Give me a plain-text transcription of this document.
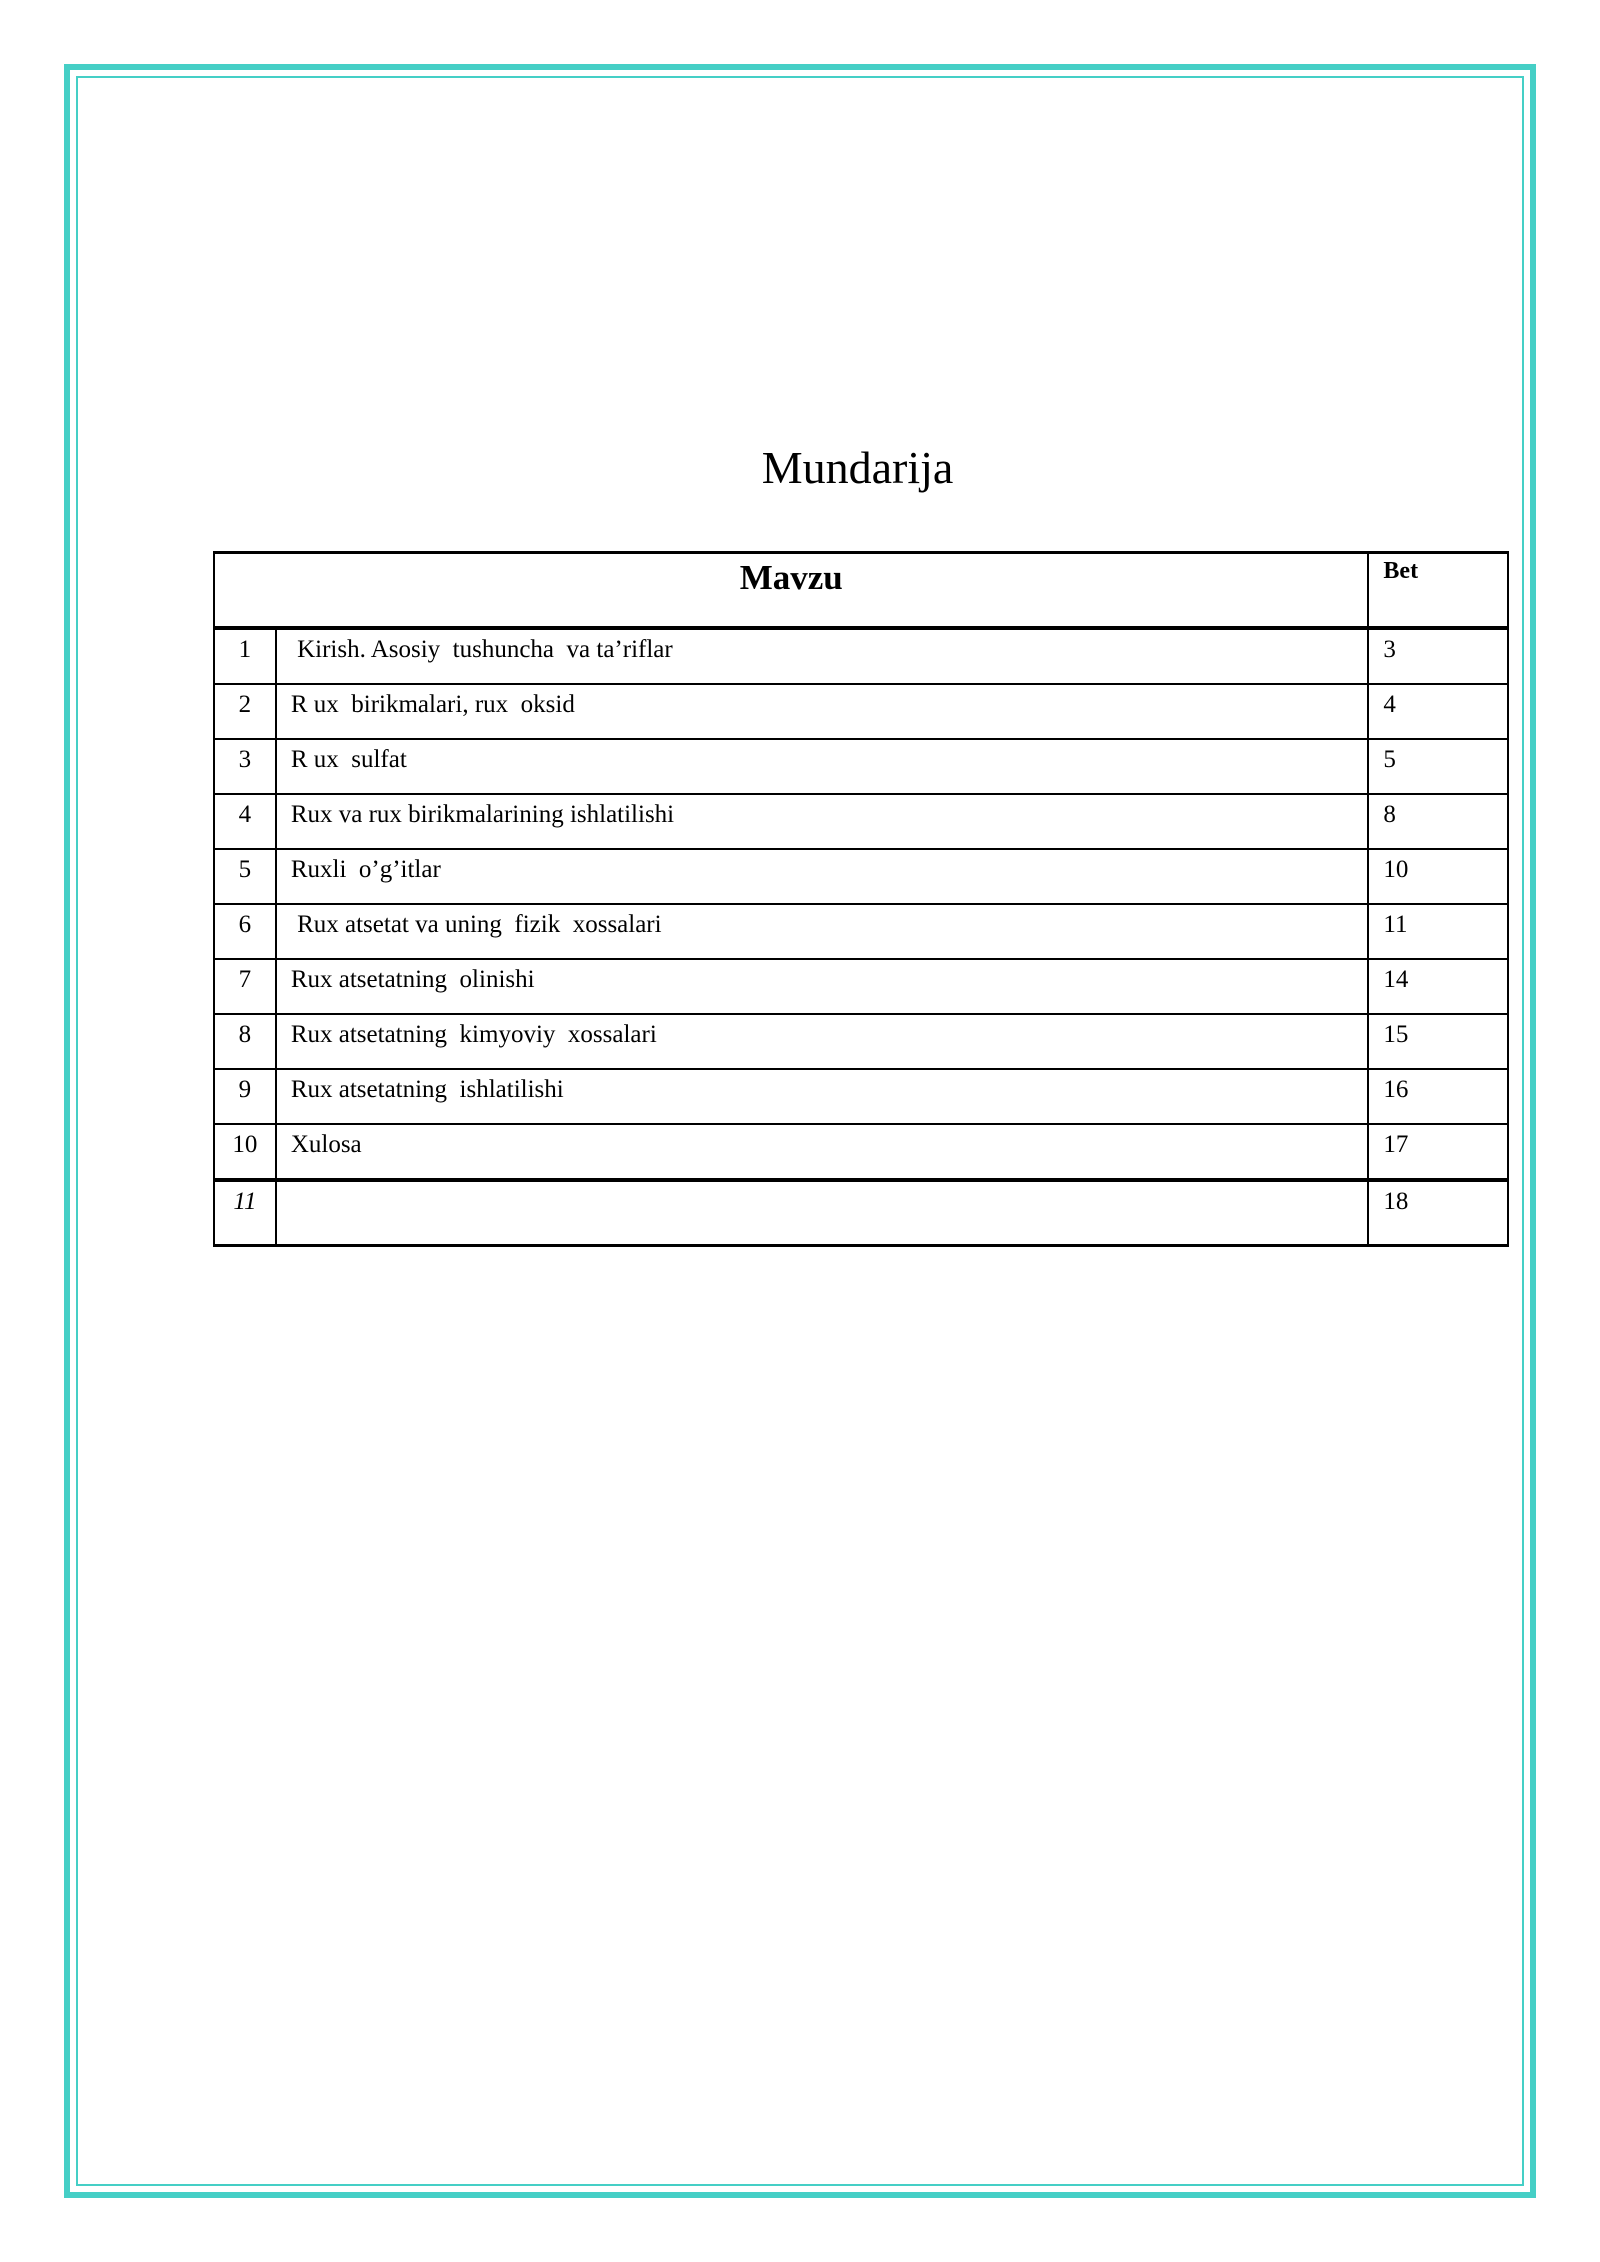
Mundarija
Mavzu		Bet
1	Kirish. Asosiy  tushuncha  va ta’riflar	3
2	R ux  birikmalari, rux  oksid	4
3	R ux  sulfat	5
4	Rux va rux birikmalarining ishlatilishi	8
5	Ruxli  o’g’itlar	10
6	Rux atsetat va uning  fizik  xossalari	11
7	Rux atsetatning  olinishi	14
8	Rux atsetatning  kimyoviy  xossalari	15
9	Rux atsetatning  ishlatilishi	16
10	Xulosa	17
11		18
